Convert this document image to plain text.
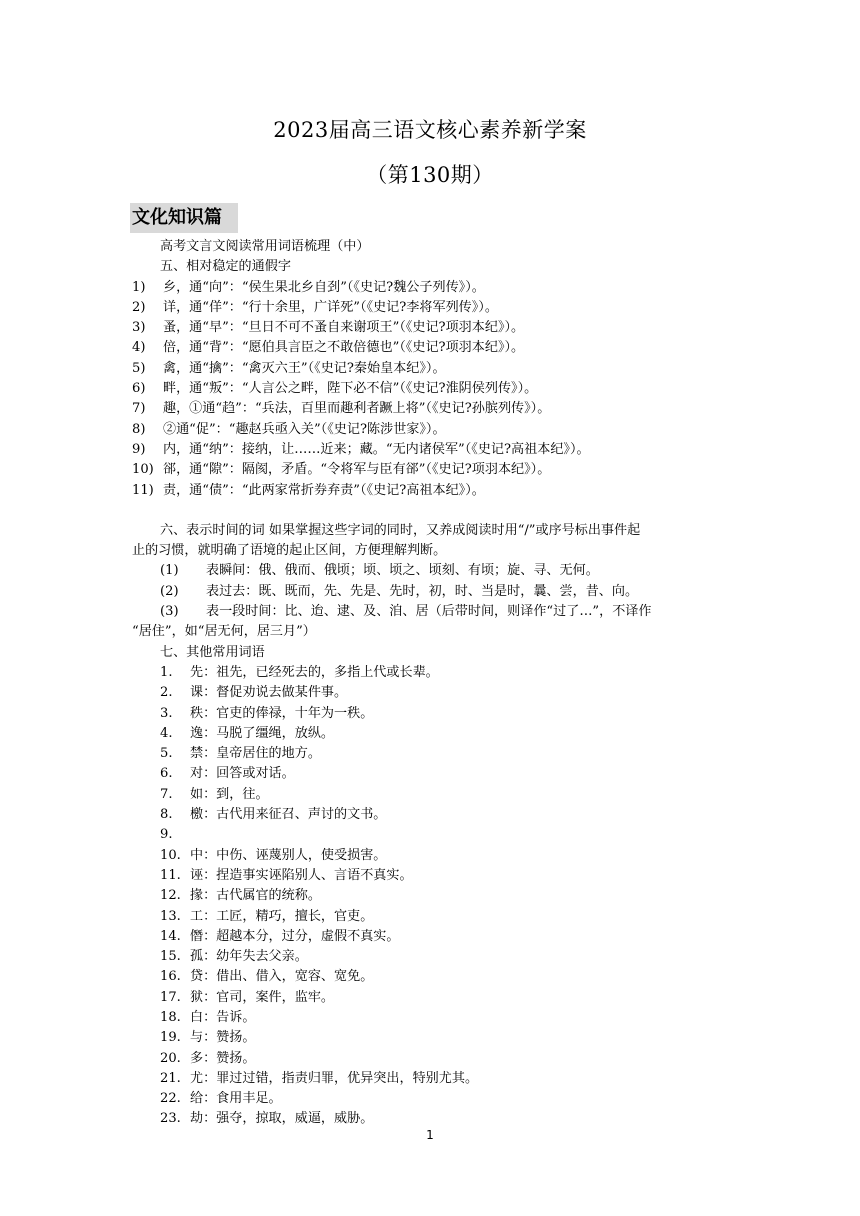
2023届高三语文核心素养新学案
（第130期）
文化知识篇
高考文言文阅读常用词语梳理（中）
五、相对稳定的通假字
1) 乡，通“向”：“侯生果北乡自刭”（《史记?魏公子列传》）。
2) 详，通“佯”：“行十余里，广详死”（《史记?李将军列传》）。
3) 蚤，通“早”：“旦日不可不蚤自来谢项王”（《史记?项羽本纪》）。
4) 倍，通“背”：“愿伯具言臣之不敢倍德也”（《史记?项羽本纪》）。
5) 禽，通“擒”：“禽灭六王”（《史记?秦始皇本纪》）。
6) 畔，通“叛”：“人言公之畔，陛下必不信”（《史记?淮阴侯列传》）。
7) 趣，①通“趋”：“兵法，百里而趣利者蹶上将”（《史记?孙膑列传》）。
8) ②通“促”：“趣赵兵亟入关”（《史记?陈涉世家》）。
9) 内，通“纳”：接纳，让……近来；藏。“无内诸侯军”（《史记?高祖本纪》）。
10) 郤，通“隙”：隔阂，矛盾。“令将军与臣有郤”（《史记?项羽本纪》）。
11) 责，通“债”：“此两家常折券弃责”（《史记?高祖本纪》）。
六、表示时间的词 如果掌握这些字词的同时，又养成阅读时用“/”或序号标出事件起
止的习惯，就明确了语境的起止区间，方便理解判断。
(1) 表瞬间：俄、俄而、俄顷；顷、顷之、顷刻、有顷；旋、寻、无何。
(2) 表过去：既、既而，先、先是、先时，初，时、当是时，曩、尝，昔、向。
(3) 表一段时间：比、迨、逮、及、洎、居（后带时间，则译作“过了…”，不译作
“居住”，如“居无何，居三月”）
七、其他常用词语
1. 先：祖先，已经死去的，多指上代或长辈。
2. 课：督促劝说去做某件事。
3. 秩：官吏的俸禄，十年为一秩。
4. 逸：马脱了缰绳，放纵。
5. 禁：皇帝居住的地方。
6. 对：回答或对话。
7. 如：到，往。
8. 檄：古代用来征召、声讨的文书。
9.
10. 中：中伤、诬蔑别人，使受损害。
11. 诬：捏造事实诬陷别人、言语不真实。
12. 掾：古代属官的统称。
13. 工：工匠，精巧，擅长，官吏。
14. 僭：超越本分，过分，虚假不真实。
15. 孤：幼年失去父亲。
16. 贷：借出、借入，宽容、宽免。
17. 狱：官司，案件，监牢。
18. 白：告诉。
19. 与：赞扬。
20. 多：赞扬。
21. 尤：罪过过错，指责归罪，优异突出，特别尤其。
22. 给：食用丰足。
23. 劫：强夺，掠取，威逼，威胁。
1
